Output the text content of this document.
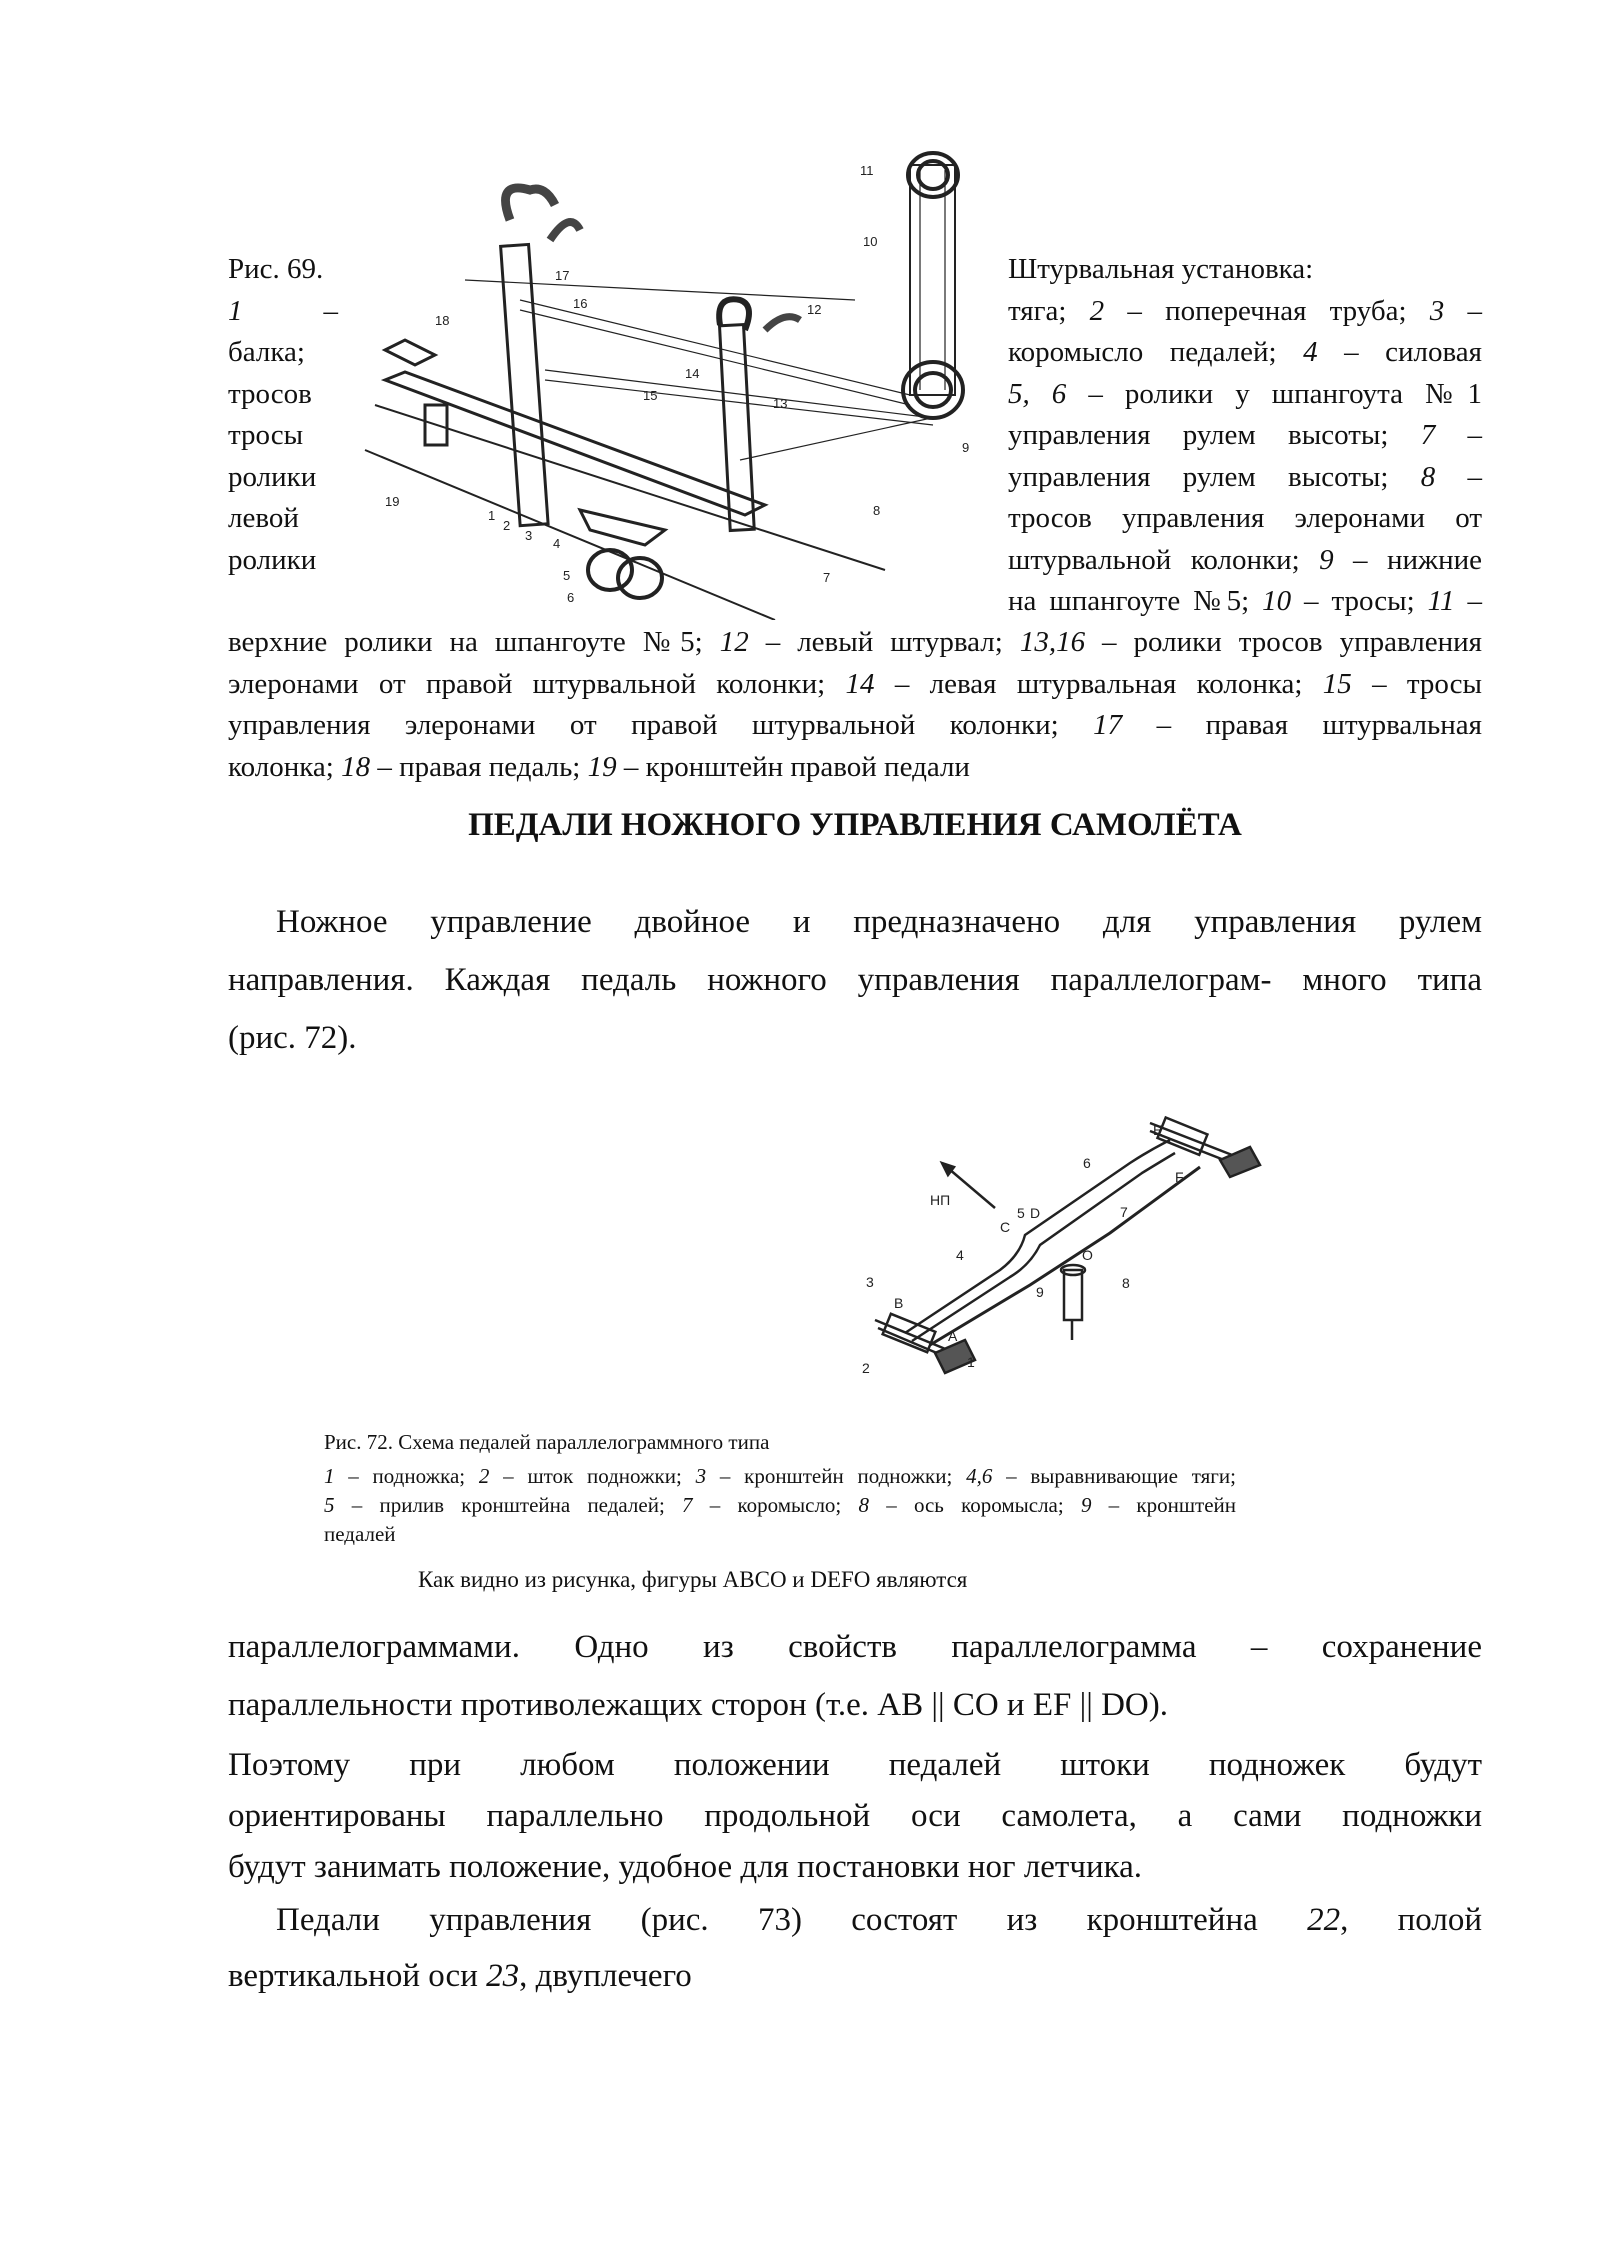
Рис. 69.
1	–
балка;
тросов
тросы
ролики
левой
ролики
11
10
12
14
13
9
8
7
17
16
15
18
19
1
2
3
4
5
6
Штурвальная установка:
тяга; 2 – поперечная труба; 3 –
коромысло педалей; 4 – силовая
5, 6 – ролики у шпангоута №1
управления рулем высоты; 7 –
управления рулем высоты; 8 –
тросов управления элеронами от
штурвальной колонки; 9 – нижние
на шпангоуте №5; 10 – тросы; 11 –
верхние ролики на шпангоуте №5; 12 – левый штурвал; 13,16 – ролики тросов управления
элеронами от правой штурвальной колонки; 14 – левая штурвальная колонка; 15 – тросы
управления элеронами от правой штурвальной колонки; 17 – правая штурвальная
колонка; 18 – правая педаль; 19 – кронштейн правой педали
ПЕДАЛИ НОЖНОГО УПРАВЛЕНИЯ САМОЛЁТА
Ножное управление двойное и предназначено для управления рулем
направления. Каждая педаль ножного управления параллелограм- много типа
(рис. 72).
НП
E
F
6
7
5 D
C
O
4
8
9
3
B
A
2	1
Рис. 72. Схема педалей параллелограммного типа
1 – подножка; 2 – шток подножки; 3 – кронштейн подножки; 4,6 – выравнивающие тяги;
5 – прилив кронштейна педалей; 7 – коромысло; 8 – ось коромысла; 9 – кронштейн
педалей
Как видно из рисунка, фигуры ABCO и DEFO являются
параллелограммами. Одно из свойств параллелограмма – сохранение
параллельности противолежащих сторон (т.е. AB || CO и EF || DO).
Поэтому при любом положении педалей штоки подножек будут
ориентированы параллельно продольной оси самолета, а сами подножки
будут занимать положение, удобное для постановки ног летчика.
Педали управления (рис. 73) состоят из кронштейна 22, полой
вертикальной оси 23, двуплечего
